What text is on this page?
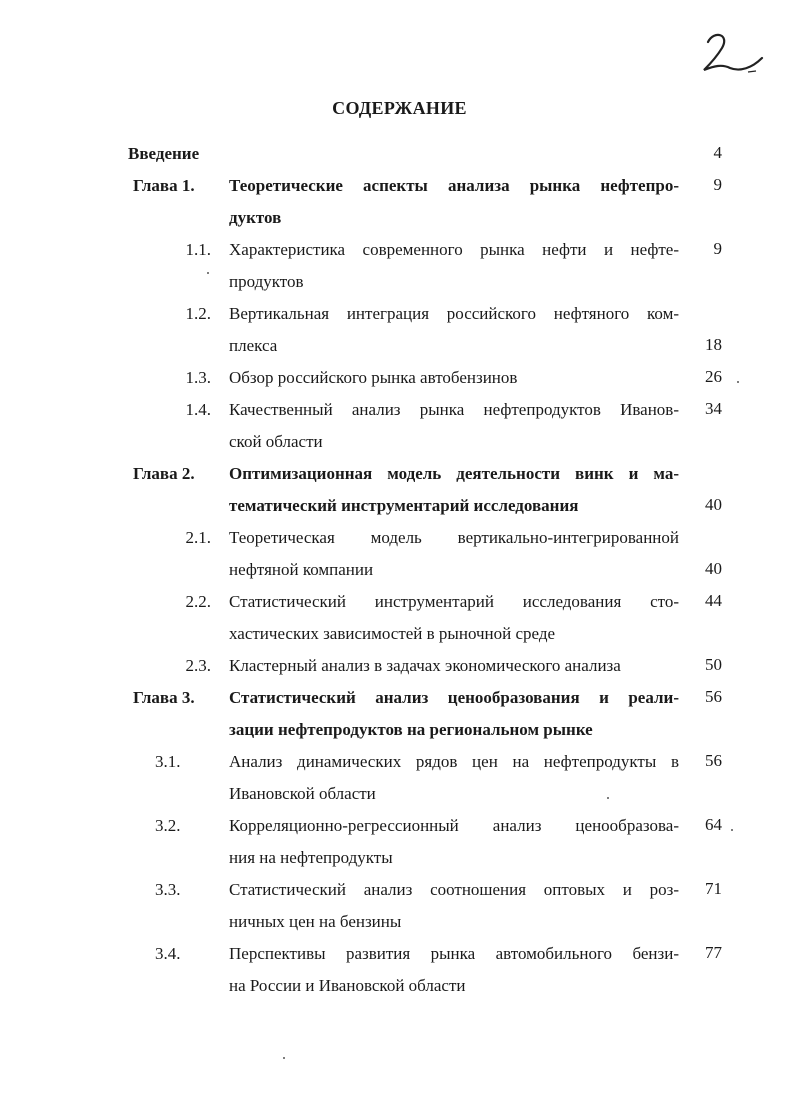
СОДЕРЖАНИЕ
Введение	4
Глава 1. Теоретические аспекты анализа рынка нефтепро-
дуктов
9
1.1. Характеристика современного рынка нефти и нефте-
продуктов
9
1.2. Вертикальная интеграция российского нефтяного ком-
плекса	18
1.3. Обзор российского рынка автобензинов	26
1.4. Качественный анализ рынка нефтепродуктов Иванов-
ской области
34
Глава 2. Оптимизационная модель деятельности винк и ма-
тематический инструментарий исследования	40
2.1. Теоретическая модель вертикально-интегрированной
нефтяной компании	40
2.2. Статистический инструментарий исследования сто-
хастических зависимостей в рыночной среде
44
2.3. Кластерный анализ в задачах экономического анализа	50
Глава 3. Статистический анализ ценообразования и реали-
зации нефтепродуктов на региональном рынке
56
3.1.	Анализ динамических рядов цен на нефтепродукты в
Ивановской области
56
3.2.	Корреляционно-регрессионный анализ ценообразова-
ния на нефтепродукты
64
3.3.	Статистический анализ соотношения оптовых и роз-
ничных цен на бензины
71
3.4.	Перспективы развития рынка автомобильного бензи-
на России и Ивановской области
77
